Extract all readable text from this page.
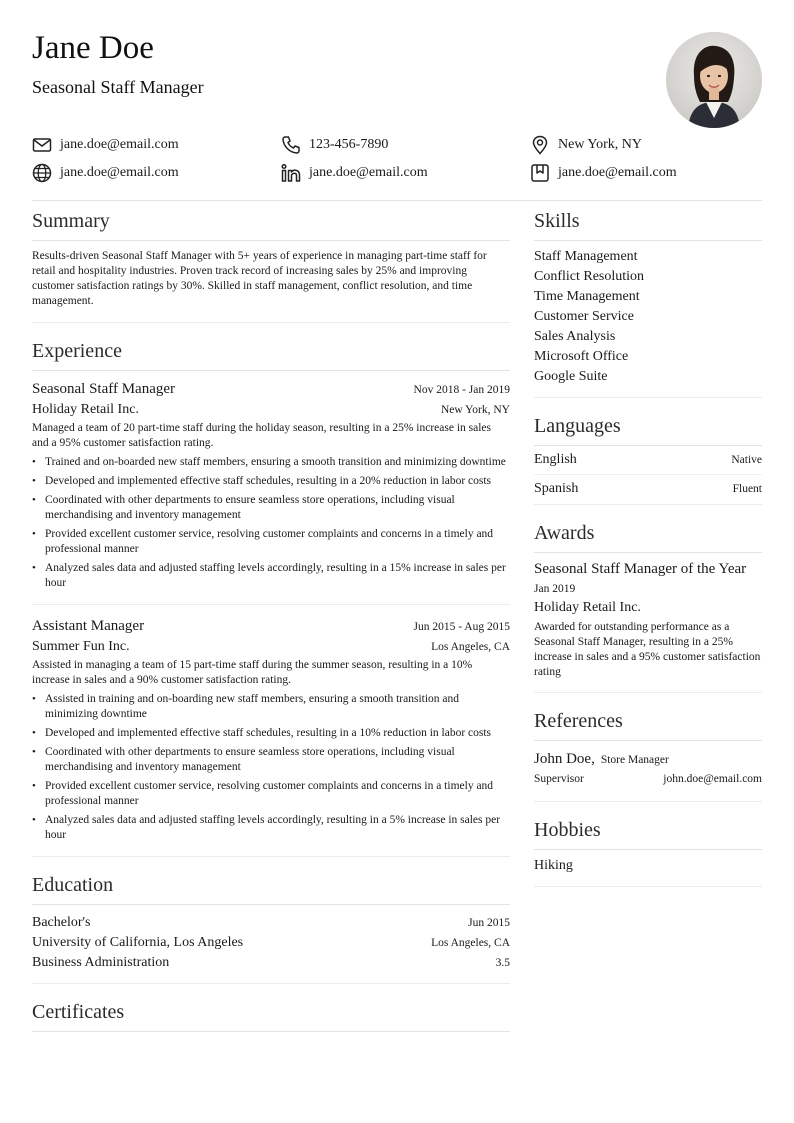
Jane Doe
Seasonal Staff Manager
jane.doe@email.com	123-456-7890	New York, NY
jane.doe@email.com	jane.doe@email.com	jane.doe@email.com
Summary
Results-driven Seasonal Staff Manager with 5+ years of experience in managing part-time staff for retail and hospitality industries. Proven track record of increasing sales by 25% and improving customer satisfaction ratings by 30%. Skilled in staff management, conflict resolution, and time management.
Experience
Seasonal Staff Manager	Nov 2018 - Jan 2019
Holiday Retail Inc.	New York, NY
Managed a team of 20 part-time staff during the holiday season, resulting in a 25% increase in sales and a 95% customer satisfaction rating.
• Trained and on-boarded new staff members, ensuring a smooth transition and minimizing downtime
• Developed and implemented effective staff schedules, resulting in a 20% reduction in labor costs
• Coordinated with other departments to ensure seamless store operations, including visual merchandising and inventory management
• Provided excellent customer service, resolving customer complaints and concerns in a timely and professional manner
• Analyzed sales data and adjusted staffing levels accordingly, resulting in a 15% increase in sales per hour
Assistant Manager	Jun 2015 - Aug 2015
Summer Fun Inc.	Los Angeles, CA
Assisted in managing a team of 15 part-time staff during the summer season, resulting in a 10% increase in sales and a 90% customer satisfaction rating.
• Assisted in training and on-boarding new staff members, ensuring a smooth transition and minimizing downtime
• Developed and implemented effective staff schedules, resulting in a 10% reduction in labor costs
• Coordinated with other departments to ensure seamless store operations, including visual merchandising and inventory management
• Provided excellent customer service, resolving customer complaints and concerns in a timely and professional manner
• Analyzed sales data and adjusted staffing levels accordingly, resulting in a 5% increase in sales per hour
Education
Bachelor's	Jun 2015
University of California, Los Angeles	Los Angeles, CA
Business Administration	3.5
Certificates
Skills
Staff Management
Conflict Resolution
Time Management
Customer Service
Sales Analysis
Microsoft Office
Google Suite
Languages
English	Native
Spanish	Fluent
Awards
Seasonal Staff Manager of the Year
Jan 2019
Holiday Retail Inc.
Awarded for outstanding performance as a Seasonal Staff Manager, resulting in a 25% increase in sales and a 95% customer satisfaction rating
References
John Doe, Store Manager
Supervisor	john.doe@email.com
Hobbies
Hiking
